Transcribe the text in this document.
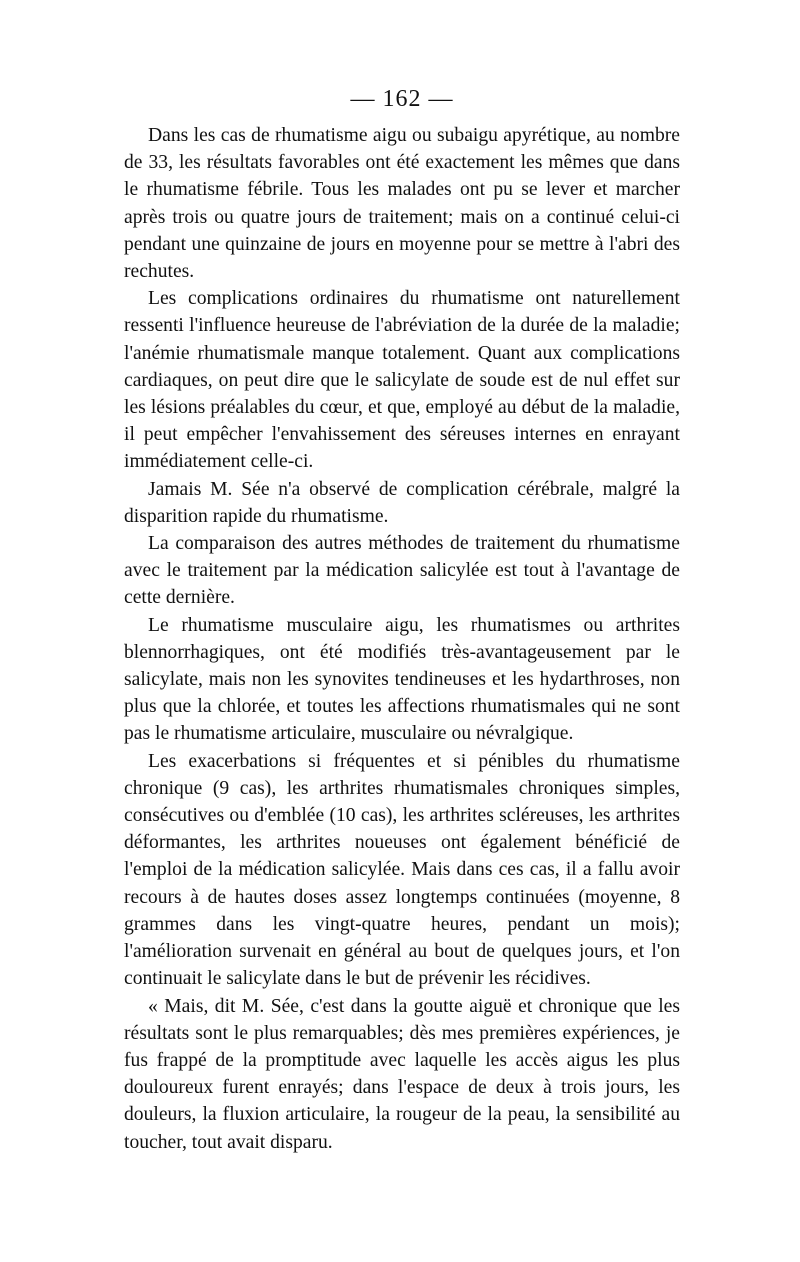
— 162 —

Dans les cas de rhumatisme aigu ou subaigu apyrétique, au nombre de 33, les résultats favorables ont été exactement les mêmes que dans le rhumatisme fébrile. Tous les malades ont pu se lever et marcher après trois ou quatre jours de traitement; mais on a continué celui-ci pendant une quinzaine de jours en moyenne pour se mettre à l'abri des rechutes.

Les complications ordinaires du rhumatisme ont naturellement ressenti l'influence heureuse de l'abréviation de la durée de la maladie; l'anémie rhumatismale manque totalement. Quant aux complications cardiaques, on peut dire que le salicylate de soude est de nul effet sur les lésions préalables du cœur, et que, employé au début de la maladie, il peut empêcher l'envahissement des séreuses internes en enrayant immédiatement celle-ci.

Jamais M. Sée n'a observé de complication cérébrale, malgré la disparition rapide du rhumatisme.

La comparaison des autres méthodes de traitement du rhumatisme avec le traitement par la médication salicylée est tout à l'avantage de cette dernière.

Le rhumatisme musculaire aigu, les rhumatismes ou arthrites blennorrhagiques, ont été modifiés très-avantageusement par le salicylate, mais non les synovites tendineuses et les hydarthroses, non plus que la chlorée, et toutes les affections rhumatismales qui ne sont pas le rhumatisme articulaire, musculaire ou névralgique.

Les exacerbations si fréquentes et si pénibles du rhumatisme chronique (9 cas), les arthrites rhumatismales chroniques simples, consécutives ou d'emblée (10 cas), les arthrites scléreuses, les arthrites déformantes, les arthrites noueuses ont également bénéficié de l'emploi de la médication salicylée. Mais dans ces cas, il a fallu avoir recours à de hautes doses assez longtemps continuées (moyenne, 8 grammes dans les vingt-quatre heures, pendant un mois); l'amélioration survenait en général au bout de quelques jours, et l'on continuait le salicylate dans le but de prévenir les récidives.

« Mais, dit M. Sée, c'est dans la goutte aiguë et chronique que les résultats sont le plus remarquables; dès mes premières expériences, je fus frappé de la promptitude avec laquelle les accès aigus les plus douloureux furent enrayés; dans l'espace de deux à trois jours, les douleurs, la fluxion articulaire, la rougeur de la peau, la sensibilité au toucher, tout avait disparu.
